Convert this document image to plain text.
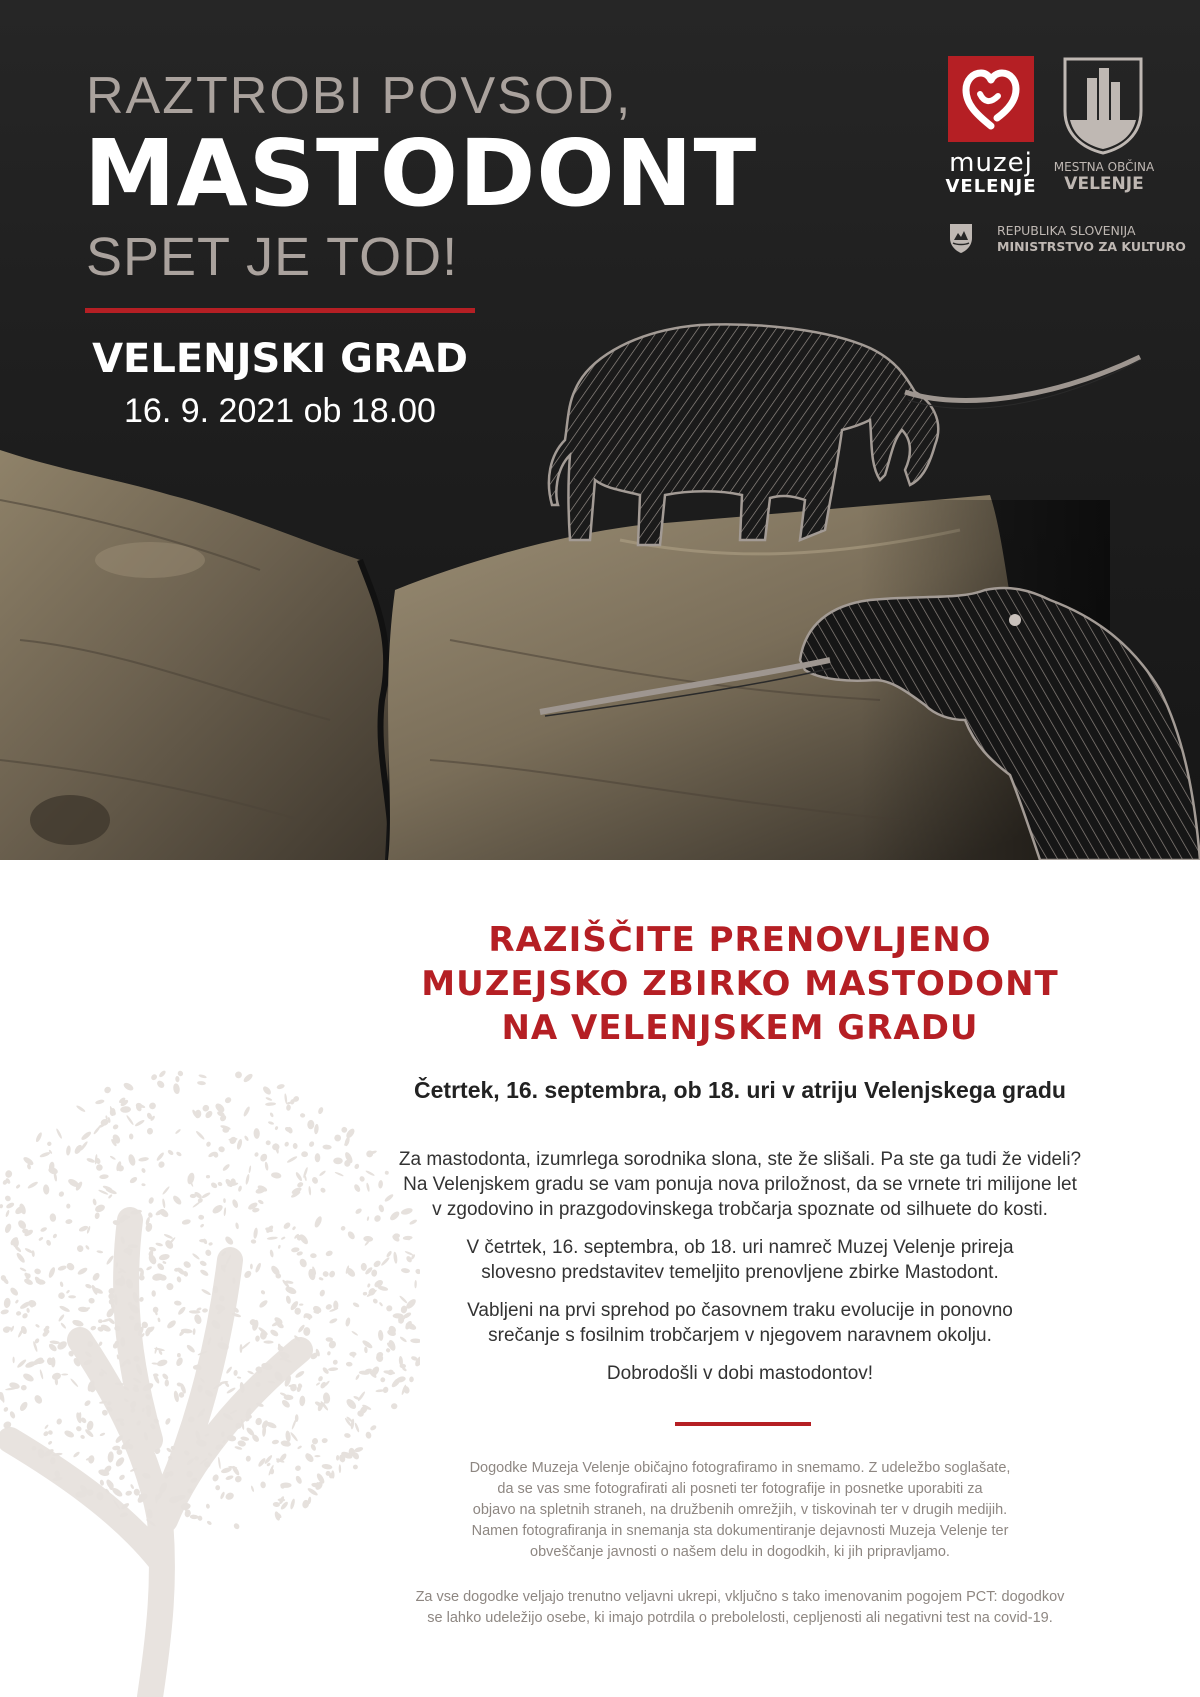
RAZTROBI POVSOD,
MASTODONT
SPET JE TOD!
VELENJSKI GRAD
16. 9. 2021 ob 18.00
muzej
VELENJE
MESTNA OBČINA
VELENJE
REPUBLIKA SLOVENIJA
MINISTRSTVO ZA KULTURO
RAZIŠČITE PRENOVLJENO
MUZEJSKO ZBIRKO MASTODONT
NA VELENJSKEM GRADU
Četrtek, 16. septembra, ob 18. uri v atriju Velenjskega gradu
Za mastodonta, izumrlega sorodnika slona, ste že slišali. Pa ste ga tudi že videli?
Na Velenjskem gradu se vam ponuja nova priložnost, da se vrnete tri milijone let
v zgodovino in prazgodovinskega trobčarja spoznate od silhuete do kosti.
V četrtek, 16. septembra, ob 18. uri namreč Muzej Velenje prireja
slovesno predstavitev temeljito prenovljene zbirke Mastodont.
Vabljeni na prvi sprehod po časovnem traku evolucije in ponovno
srečanje s fosilnim trobčarjem v njegovem naravnem okolju.
Dobrodošli v dobi mastodontov!
Dogodke Muzeja Velenje običajno fotografiramo in snemamo. Z udeležbo soglašate,
da se vas sme fotografirati ali posneti ter fotografije in posnetke uporabiti za
objavo na spletnih straneh, na družbenih omrežjih, v tiskovinah ter v drugih medijih.
Namen fotografiranja in snemanja sta dokumentiranje dejavnosti Muzeja Velenje ter
obveščanje javnosti o našem delu in dogodkih, ki jih pripravljamo.
Za vse dogodke veljajo trenutno veljavni ukrepi, vključno s tako imenovanim pogojem PCT: dogodkov
se lahko udeležijo osebe, ki imajo potrdila o prebolelosti, cepljenosti ali negativni test na covid-19.
